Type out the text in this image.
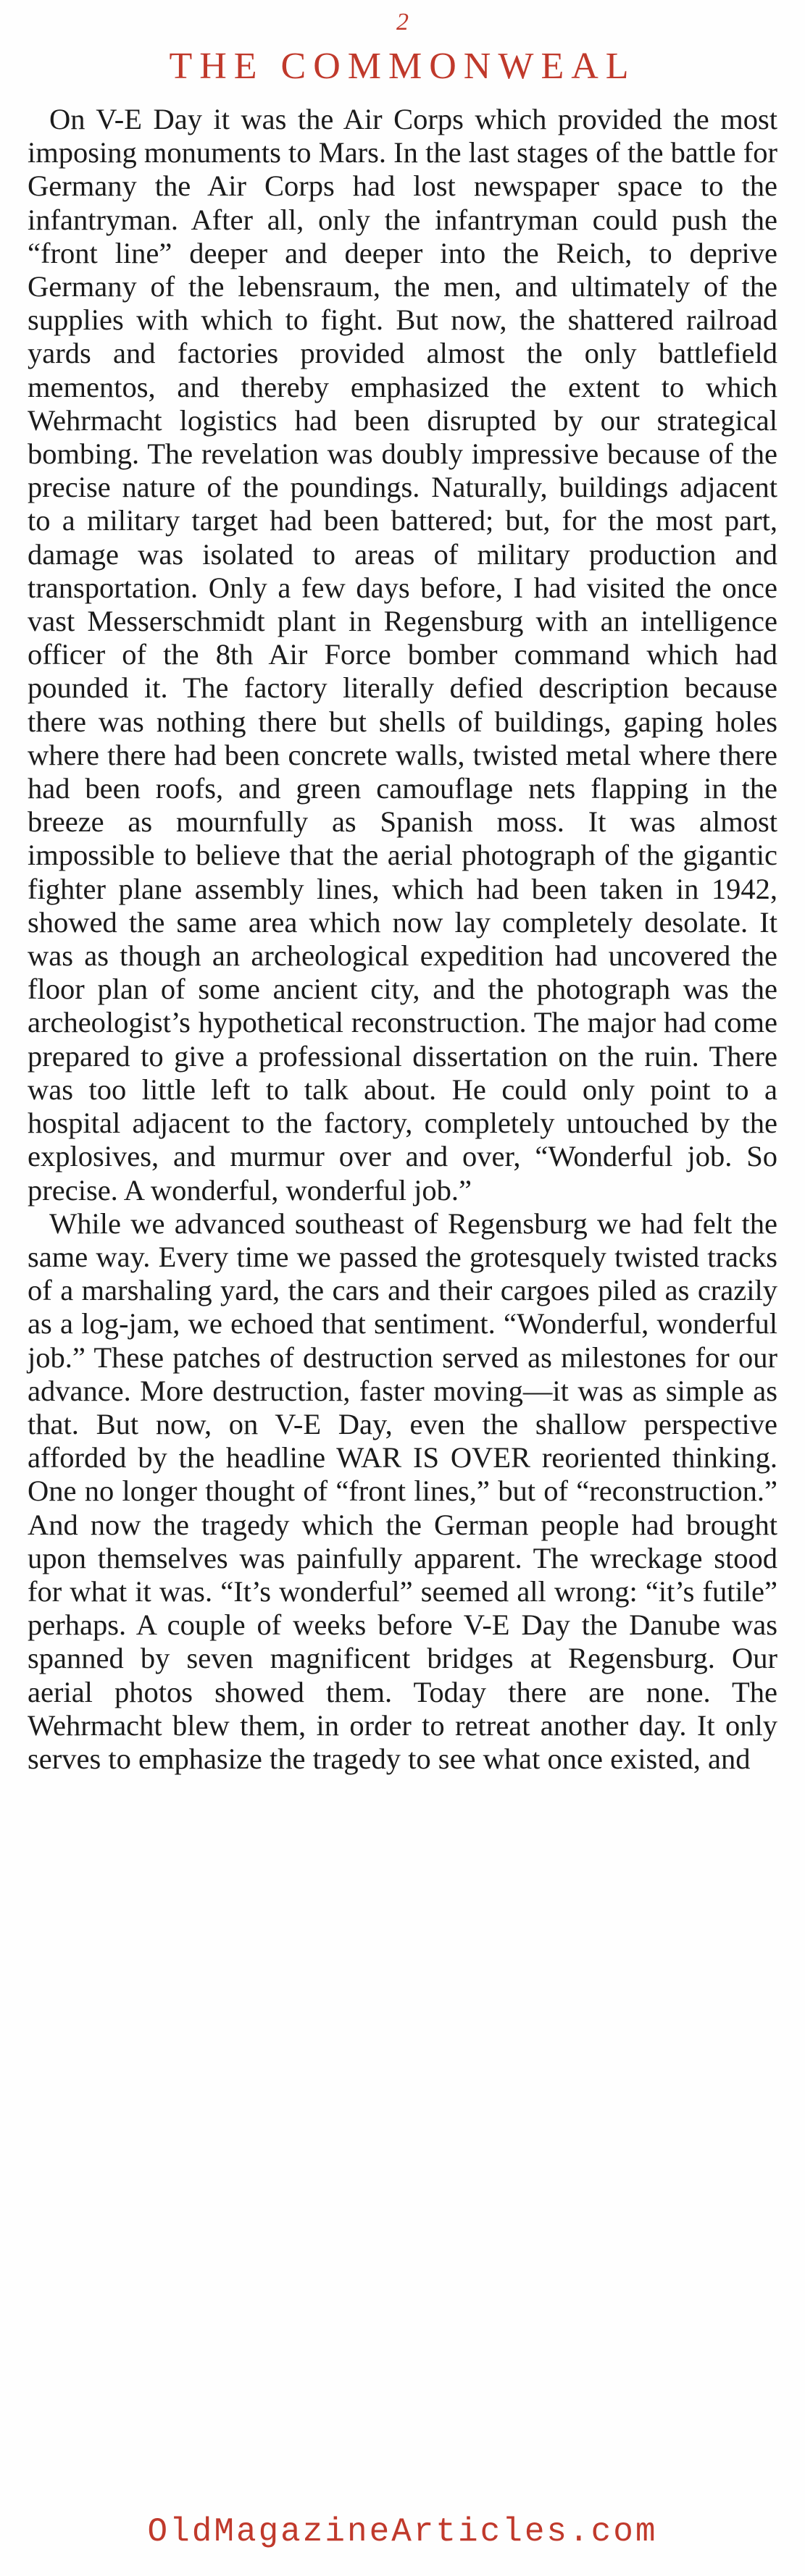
2
THE COMMONWEAL

On V-E Day it was the Air Corps which provided the most imposing monuments to Mars. In the last stages of the battle for Germany the Air Corps had lost newspaper space to the infantryman. After all, only the infantryman could push the “front line” deeper and deeper into the Reich, to deprive Germany of the lebensraum, the men, and ultimately of the supplies with which to fight. But now, the shattered railroad yards and factories provided almost the only battlefield mementos, and thereby emphasized the extent to which Wehrmacht logistics had been disrupted by our strategical bombing. The revelation was doubly impressive because of the precise nature of the poundings. Naturally, buildings adjacent to a military target had been battered; but, for the most part, damage was isolated to areas of military production and transportation. Only a few days before, I had visited the once vast Messerschmidt plant in Regensburg with an intelligence officer of the 8th Air Force bomber command which had pounded it. The factory literally defied description because there was nothing there but shells of buildings, gaping holes where there had been concrete walls, twisted metal where there had been roofs, and green camouflage nets flapping in the breeze as mournfully as Spanish moss. It was almost impossible to believe that the aerial photograph of the gigantic fighter plane assembly lines, which had been taken in 1942, showed the same area which now lay completely desolate. It was as though an archeological expedition had uncovered the floor plan of some ancient city, and the photograph was the archeologist’s hypothetical reconstruction. The major had come prepared to give a professional dissertation on the ruin. There was too little left to talk about. He could only point to a hospital adjacent to the factory, completely untouched by the explosives, and murmur over and over, “Wonderful job. So precise. A wonderful, wonderful job.”

While we advanced southeast of Regensburg we had felt the same way. Every time we passed the grotesquely twisted tracks of a marshaling yard, the cars and their cargoes piled as crazily as a log-jam, we echoed that sentiment. “Wonderful, wonderful job.” These patches of destruction served as milestones for our advance. More destruction, faster moving—it was as simple as that. But now, on V-E Day, even the shallow perspective afforded by the headline WAR IS OVER reoriented thinking. One no longer thought of “front lines,” but of “reconstruction.” And now the tragedy which the German people had brought upon themselves was painfully apparent. The wreckage stood for what it was. “It’s wonderful” seemed all wrong: “it’s futile” perhaps. A couple of weeks before V-E Day the Danube was spanned by seven magnificent bridges at Regensburg. Our aerial photos showed them. Today there are none. The Wehrmacht blew them, in order to retreat another day. It only serves to emphasize the tragedy to see what once existed, and

OldMagazineArticles.com
